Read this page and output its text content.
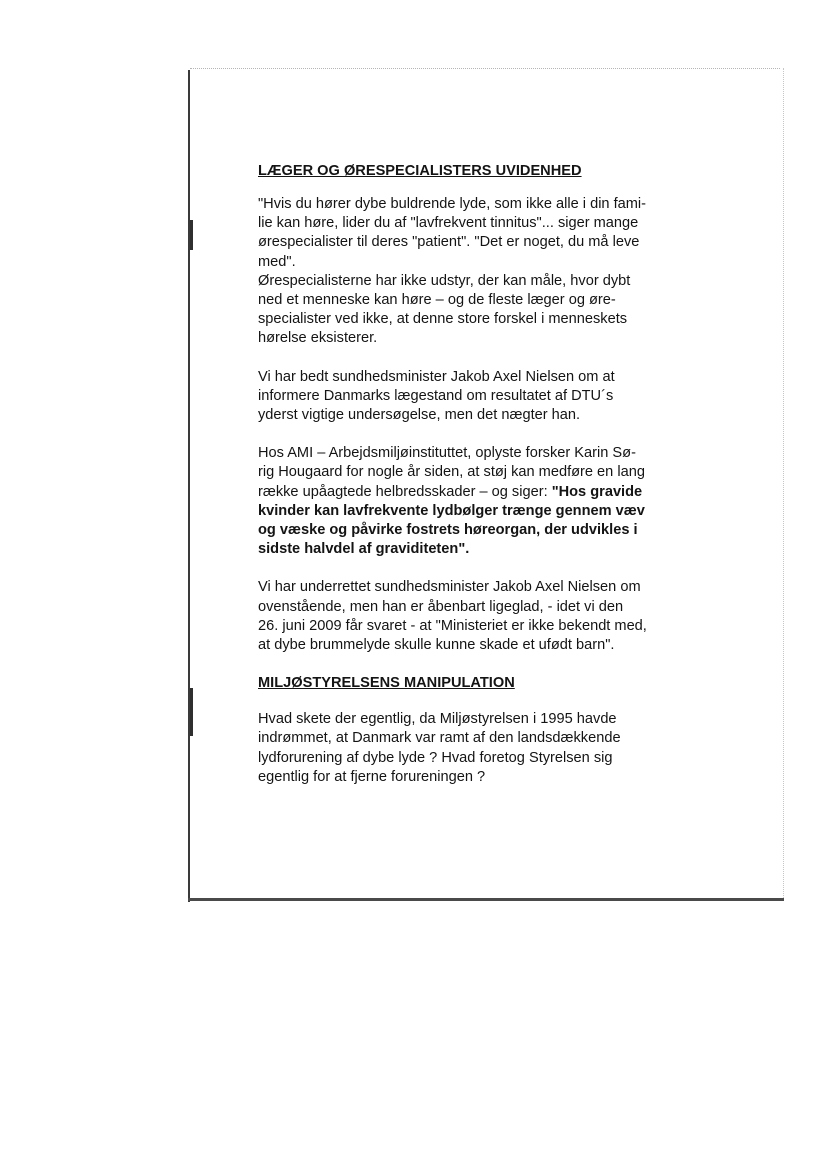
LÆGER OG ØRESPECIALISTERS UVIDENHED

"Hvis du hører dybe buldrende lyde, som ikke alle i din fami-
lie kan høre, lider du af "lavfrekvent tinnitus"... siger mange
ørespecialister til deres "patient". "Det er noget, du må leve
med".
Ørespecialisterne har ikke udstyr, der kan måle, hvor dybt
ned et menneske kan høre – og de fleste læger og øre-
specialister ved ikke, at denne store forskel i menneskets
hørelse eksisterer.

Vi har bedt sundhedsminister Jakob Axel Nielsen om at
informere Danmarks lægestand om resultatet af DTU´s
yderst vigtige undersøgelse, men det nægter han.

Hos AMI – Arbejdsmiljøinstituttet, oplyste forsker Karin Sø-
rig Hougaard for nogle år siden, at støj kan medføre en lang
række upåagtede helbredsskader – og siger: "Hos gravide
kvinder kan lavfrekvente lydbølger trænge gennem væv
og væske og påvirke fostrets høreorgan, der udvikles i
sidste halvdel af graviditeten".

Vi har underrettet sundhedsminister Jakob Axel Nielsen om
ovenstående, men han er åbenbart ligeglad, - idet vi den
26. juni 2009 får svaret - at "Ministeriet er ikke bekendt med,
at dybe brummelyde skulle kunne skade et ufødt barn".

MILJØSTYRELSENS MANIPULATION

Hvad skete der egentlig, da Miljøstyrelsen i 1995 havde
indrømmet, at Danmark var ramt af den landsdækkende
lydforurening af dybe lyde ? Hvad foretog Styrelsen sig
egentlig for at fjerne forureningen ?
